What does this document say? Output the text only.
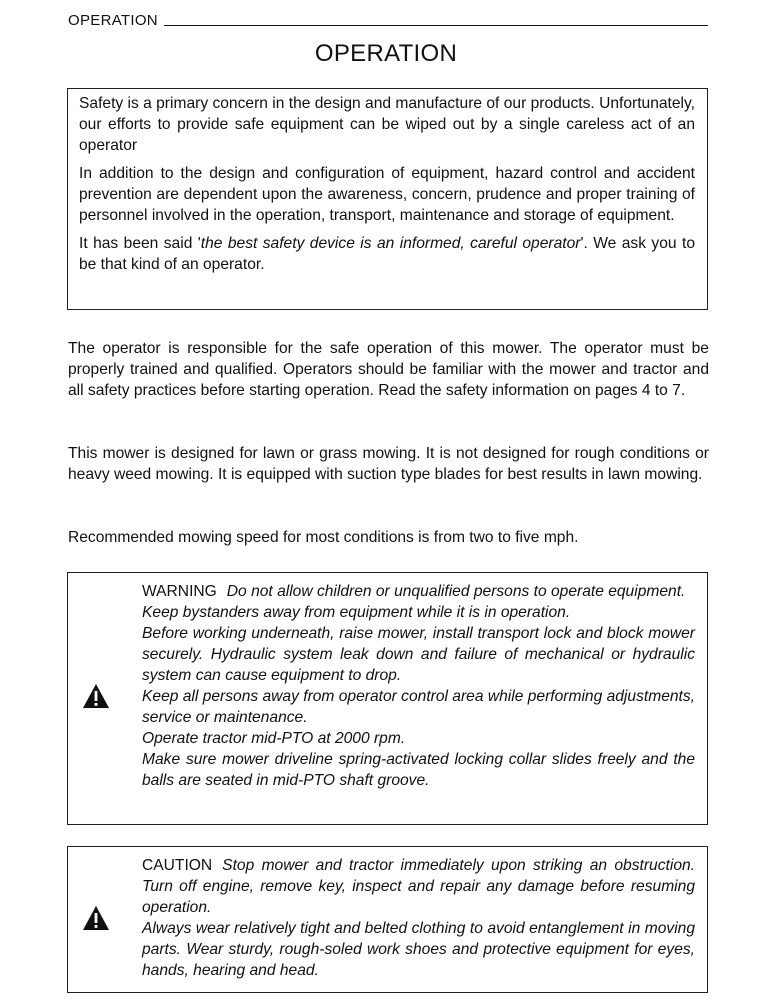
OPERATION
OPERATION

Safety is a primary concern in the design and manufacture of our products. Unfortunately, our efforts to provide safe equipment can be wiped out by a single careless act of an operator

In addition to the design and configuration of equipment, hazard control and accident prevention are dependent upon the awareness, concern, prudence and proper training of personnel involved in the operation, transport, maintenance and storage of equipment.

It has been said 'the best safety device is an informed, careful operator'. We ask you to be that kind of an operator.

The operator is responsible for the safe operation of this mower. The operator must be properly trained and qualified. Operators should be familiar with the mower and tractor and all safety practices before starting operation. Read the safety information on pages 4 to 7.

This mower is designed for lawn or grass mowing. It is not designed for rough conditions or heavy weed mowing. It is equipped with suction type blades for best results in lawn mowing.

Recommended mowing speed for most conditions is from two to five mph.

WARNING Do not allow children or unqualified persons to operate equipment.

Keep bystanders away from equipment while it is in operation.

Before working underneath, raise mower, install transport lock and block mower securely. Hydraulic system leak down and failure of mechanical or hydraulic system can cause equipment to drop.

Keep all persons away from operator control area while performing adjustments, service or maintenance.

Operate tractor mid-PTO at 2000 rpm.

Make sure mower driveline spring-activated locking collar slides freely and the balls are seated in mid-PTO shaft groove.

CAUTION Stop mower and tractor immediately upon striking an obstruction. Turn off engine, remove key, inspect and repair any damage before resuming operation.

Always wear relatively tight and belted clothing to avoid entanglement in moving parts. Wear sturdy, rough-soled work shoes and protective equipment for eyes, hands, hearing and head.
